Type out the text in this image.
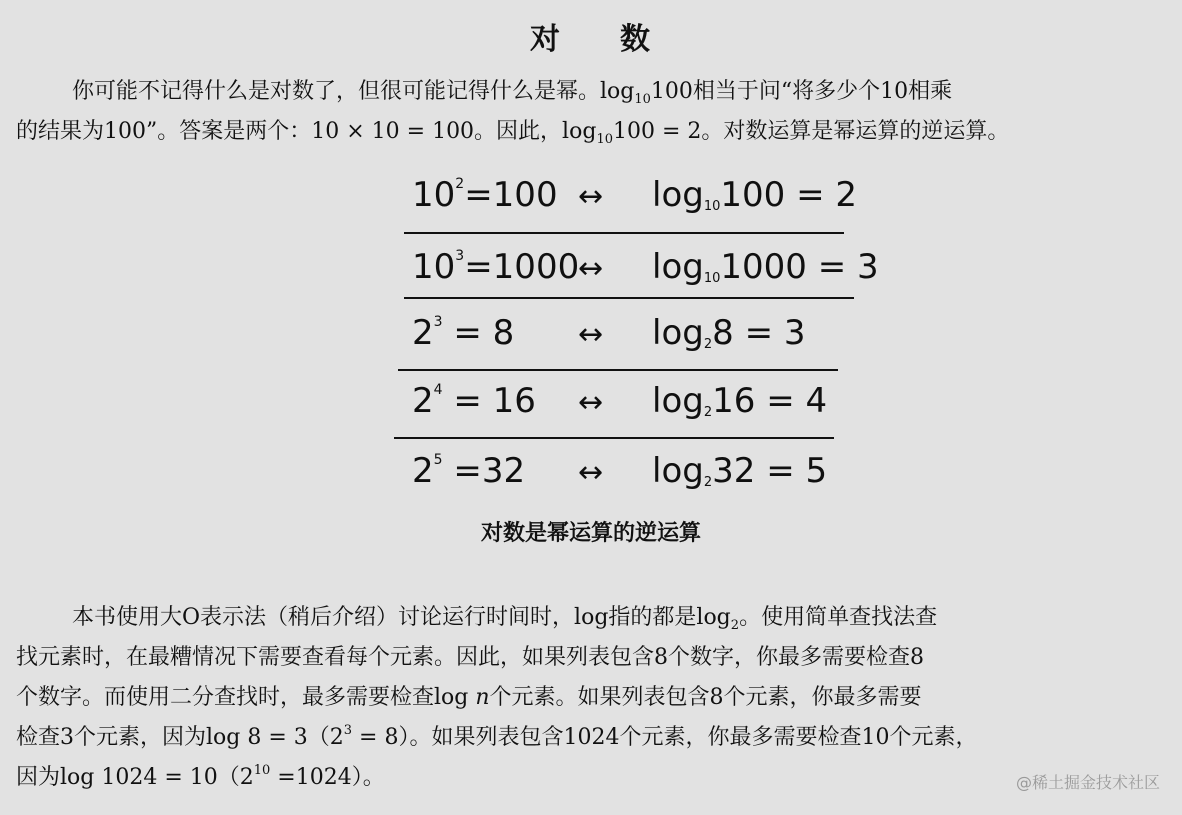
对 数

你可能不记得什么是对数了，但很可能记得什么是幂。$\log_{10}100$相当于问“将多少个10相乘
的结果为100”。答案是两个：10 × 10 = 100。因此，$\log_{10}100 = 2$。对数运算是幂运算的逆运算。

$10^2=100$ ↔ $\log_{10}100 = 2$
$10^3=1000$
↔ $\log_{10}1000 = 3$
$2^3 = 8$ ↔ $\log_28 = 3$
$2^4 = 16$ ↔ $\log_216 = 4$
$2^5 =32$ ↔ $\log_232 = 5$
对数是幂运算的逆运算

本书使用大O表示法（稍后介绍）讨论运行时间时，log指的都是$\log_2$。使用简单查找法查
找元素时，在最糟情况下需要查看每个元素。因此，如果列表包含8个数字，你最多需要检查8
个数字。而使用二分查找时，最多需要检查log n个元素。如果列表包含8个元素，你最多需要
检查3个元素，因为$\log 8 = 3(2^3 = 8)$。如果列表包含1024个元素，你最多需要检查10个元素，
因为$\log 1024 = 10(2^{10} =1024)$。	@稀土掘金技术社区
